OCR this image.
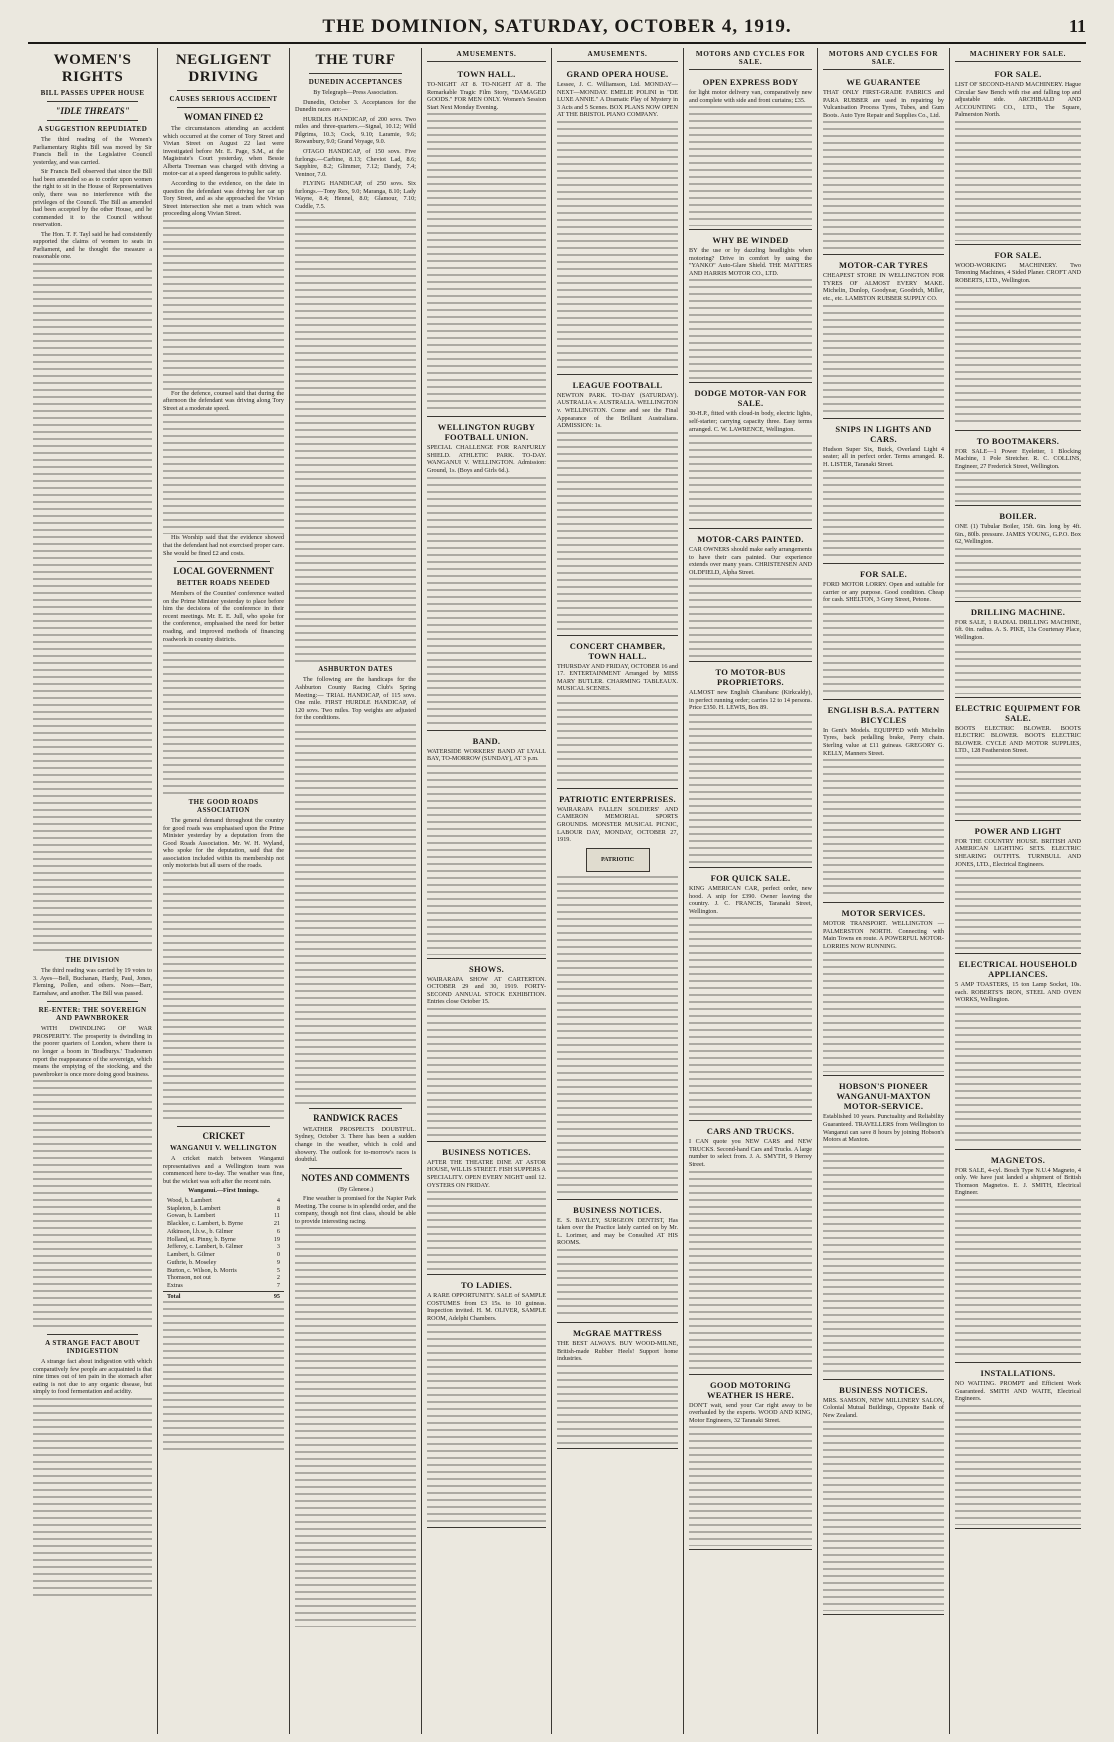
THE DOMINION, SATURDAY, OCTOBER 4, 1919.	11
WOMEN'S RIGHTS
BILL PASSES UPPER HOUSE
"IDLE THREATS"
A SUGGESTION REPUDIATED

The third reading of the Women's Parliamentary Rights Bill was moved by Sir Francis Bell in the Legislative Council yesterday, and was carried.

Sir Francis Bell observed that since the Bill had been amended so as to confer upon women the right to sit in the House of Representatives only, there was no interference with the privileges of the Council. The Bill as amended had been accepted by the other House, and he commended it to the Council without reservation.

The Hon. T. F. Tayl said he had consistently supported the claims of women to seats in Parliament, and he thought the measure a reasonable one.

THE DIVISION

The third reading was carried by 19 votes to 3. Ayes—Bell, Buchanan, Hardy, Paul, Jones, Fleming, Pollen, and others. Noes—Barr, Earnshaw, and another. The Bill was passed.

RE-ENTER: THE SOVEREIGN AND PAWNBROKER

WITH DWINDLING OF WAR PROSPERITY. The prosperity is dwindling in the poorer quarters of London, where there is no longer a boom in 'Bradburys.' Tradesmen report the reappearance of the sovereign, which means the emptying of the stocking, and the pawnbroker is once more doing good business.

A STRANGE FACT ABOUT INDIGESTION

A strange fact about indigestion with which comparatively few people are acquainted is that nine times out of ten pain in the stomach after eating is not due to any organic disease, but simply to food fermentation and acidity.

NEGLIGENT DRIVING
CAUSES SERIOUS ACCIDENT
WOMAN FINED £2

The circumstances attending an accident which occurred at the corner of Tory Street and Vivian Street on August 22 last were investigated before Mr. E. Page, S.M., at the Magistrate's Court yesterday, when Bessie Alberta Treeman was charged with driving a motor-car at a speed dangerous to public safety.

According to the evidence, on the date in question the defendant was driving her car up Tory Street, and as she approached the Vivian Street intersection she met a tram which was proceeding along Vivian Street.

For the defence, counsel said that during the afternoon the defendant was driving along Tory Street at a moderate speed.

His Worship said that the evidence showed that the defendant had not exercised proper care. She would be fined £2 and costs.

LOCAL GOVERNMENT
BETTER ROADS NEEDED

Members of the Counties' conference waited on the Prime Minister yesterday to place before him the decisions of the conference in their recent meetings. Mr. E. E. Jull, who spoke for the conference, emphasised the need for better roading, and improved methods of financing roadwork in country districts.

THE GOOD ROADS ASSOCIATION

The general demand throughout the country for good roads was emphasised upon the Prime Minister yesterday by a deputation from the Good Roads Association. Mr. W. H. Wyland, who spoke for the deputation, said that the association included within its membership not only motorists but all users of the roads.

CRICKET
WANGANUI V. WELLINGTON

A cricket match between Wanganui representatives and a Wellington team was commenced here to-day. The weather was fine, but the wicket was soft after the recent rain.

Wanganui.—First Innings.

Wood, b. Lambert	4
Stapleton, b. Lambert	8
Gowan, b. Lambert	11
Blacklee, c. Lambert, b. Byrne	21
Atkinson, l.b.w., b. Gilmer	6
Holland, st. Pinny, b. Byrne	19
Jefferey, c. Lambert, b. Gilmer	3
Lambert, b. Gilmer	0
Guthrie, b. Moseley	9
Burton, c. Wilson, b. Morris	5
Thomson, not out	2
Extras	7
Total	95
THE TURF
DUNEDIN ACCEPTANCES

By Telegraph—Press Association.

Dunedin, October 3. Acceptances for the Dunedin races are:—

HURDLES HANDICAP, of 200 sovs. Two miles and three-quarters.—Signal, 10.12; Wild Pilgrims, 10.3; Cock, 9.10; Laramie, 9.6; Rowanbury, 9.0; Grand Voyage, 9.0.

OTAGO HANDICAP, of 150 sovs. Five furlongs.—Carbine, 8.13; Cheviot Lad, 8.6; Sapphire, 8.2; Glimmer, 7.12; Dandy, 7.4; Ventnor, 7.0.

FLYING HANDICAP, of 250 sovs. Six furlongs.—Tony Rex, 9.0; Maranga, 8.10; Lady Wayne, 8.4; Hennel, 8.0; Glamour, 7.10; Cuddle, 7.5.

ASHBURTON DATES

The following are the handicaps for the Ashburton County Racing Club's Spring Meeting:— TRIAL HANDICAP, of 115 sovs. One mile. FIRST HURDLE HANDICAP, of 120 sovs. Two miles. Top weights are adjusted for the conditions.

RANDWICK RACES

WEATHER PROSPECTS DOUBTFUL. Sydney, October 3. There has been a sudden change in the weather, which is cold and showery. The outlook for to-morrow's races is doubtful.

NOTES AND COMMENTS

(By Gleneoe.)

Fine weather is promised for the Napier Park Meeting. The course is in splendid order, and the company, though not first class, should be able to provide interesting racing.

AMUSEMENTS.
TOWN HALL.

TO-NIGHT AT 8. TO-NIGHT AT 8. The Remarkable Tragic Film Story, "DAMAGED GOODS." FOR MEN ONLY. Women's Session Start Next Monday Evening.

WELLINGTON RUGBY FOOTBALL UNION.

SPECIAL CHALLENGE FOR RANFURLY SHIELD. ATHLETIC PARK. TO-DAY. WANGANUI V. WELLINGTON. Admission: Ground, 1s. (Boys and Girls 6d.).

BAND.

WATERSIDE WORKERS' BAND AT LYALL BAY, TO-MORROW (SUNDAY), AT 3 p.m.

SHOWS.

WAIRARAPA SHOW AT CARTERTON. OCTOBER 29 and 30, 1919. FORTY-SECOND ANNUAL STOCK EXHIBITION. Entries close October 15.

BUSINESS NOTICES.

AFTER THE THEATRE DINE AT ASTOR HOUSE, WILLIS STREET. FISH SUPPERS A SPECIALITY. OPEN EVERY NIGHT until 12. OYSTERS ON FRIDAY.

TO LADIES.

A RARE OPPORTUNITY. SALE of SAMPLE COSTUMES from £3 15s. to 10 guineas. Inspection invited. H. M. OLIVER, SAMPLE ROOM, Adelphi Chambers.

AMUSEMENTS.
GRAND OPERA HOUSE.

Lessee, J. C. Williamson, Ltd. MONDAY—NEXT—MONDAY. EMELIE POLINI in "DE LUXE ANNIE." A Dramatic Play of Mystery in 3 Acts and 5 Scenes. BOX PLANS NOW OPEN AT THE BRISTOL PIANO COMPANY.

LEAGUE FOOTBALL

NEWTON PARK. TO-DAY (SATURDAY). AUSTRALIA v. AUSTRALIA. WELLINGTON v. WELLINGTON. Come and see the Final Appearance of the Brilliant Australians. ADMISSION: 1s.

CONCERT CHAMBER, TOWN HALL.

THURSDAY AND FRIDAY, OCTOBER 16 and 17. ENTERTAINMENT Arranged by MISS MARY BUTLER. CHARMING TABLEAUX. MUSICAL SCENES.

PATRIOTIC ENTERPRISES.

WAIRARAPA FALLEN SOLDIERS' AND CAMERON MEMORIAL SPORTS GROUNDS. MONSTER MUSICAL PICNIC, LABOUR DAY, MONDAY, OCTOBER 27, 1919.

PATRIOTIC
BUSINESS NOTICES.

E. S. BAYLEY, SURGEON DENTIST, Has taken over the Practice lately carried on by Mr. L. Lorimer, and may be Consulted AT HIS ROOMS.

McGRAE MATTRESS

THE BEST ALWAYS. BUY WOOD-MILNE, British-made Rubber Heels! Support home industries.

MOTORS AND CYCLES FOR SALE.
OPEN EXPRESS BODY

for light motor delivery van, comparatively new and complete with side and front curtains; £35.

WHY BE WINDED

BY the use or by dazzling headlights when motoring? Drive in comfort by using the "YANKO" Auto-Glare Shield. THE MATTERS AND HARRIS MOTOR CO., LTD.

DODGE MOTOR-VAN FOR SALE.

30-H.P., fitted with cloud-in body, electric lights, self-starter; carrying capacity three. Easy terms arranged. C. W. LAWRENCE, Wellington.

MOTOR-CARS PAINTED.

CAR OWNERS should make early arrangements to have their cars painted. Our experience extends over many years. CHRISTENSEN AND OLDFIELD, Alpha Street.

TO MOTOR-BUS PROPRIETORS.

ALMOST new English Charabanc (Kirkcaldy), in perfect running order; carries 12 to 14 persons. Price £350. H. LEWIS, Box 89.

FOR QUICK SALE.

KING AMERICAN CAR, perfect order, new hood. A snip for £390. Owner leaving the country. J. C. FRANCIS, Taranaki Street, Wellington.

CARS AND TRUCKS.

I CAN quote you NEW CARS and NEW TRUCKS. Second-hand Cars and Trucks. A large number to select from. J. A. SMYTH, 9 Herrey Street.

GOOD MOTORING WEATHER IS HERE.

DON'T wait, send your Car right away to be overhauled by the experts. WOOD AND KING, Motor Engineers, 32 Taranaki Street.

MOTORS AND CYCLES FOR SALE.
WE GUARANTEE

THAT ONLY FIRST-GRADE FABRICS and PARA RUBBER are used in repairing by Vulcanisation Process Tyres, Tubes, and Gum Boots. Auto Tyre Repair and Supplies Co., Ltd.

MOTOR-CAR TYRES

CHEAPEST STORE IN WELLINGTON FOR TYRES OF ALMOST EVERY MAKE. Michelin, Dunlop, Goodyear, Goodrich, Miller, etc., etc. LAMBTON RUBBER SUPPLY CO.

SNIPS IN LIGHTS AND CARS.

Hudson Super Six, Buick, Overland Light 4 seater; all in perfect order. Terms arranged. R. H. LISTER, Taranaki Street.

FOR SALE.

FORD MOTOR LORRY. Open and suitable for carrier or any purpose. Good condition. Cheap for cash. SHELTON, 3 Grey Street, Petone.

ENGLISH B.S.A. PATTERN BICYCLES

In Gent's Models. EQUIPPED with Michelin Tyres, back pedalling brake, Perry chain. Sterling value at £11 guineas. GREGORY G. KELLY, Manners Street.

MOTOR SERVICES.

MOTOR TRANSPORT. WELLINGTON — PALMERSTON NORTH. Connecting with Main Towns en route. A POWERFUL MOTOR-LORRIES NOW RUNNING.

HOBSON'S PIONEER WANGANUI-MAXTON MOTOR-SERVICE.

Established 10 years. Punctuality and Reliability Guaranteed. TRAVELLERS from Wellington to Wanganui can save 8 hours by joining Hobson's Motors at Maxton.

BUSINESS NOTICES.

MRS. SAMSON, NEW MILLINERY SALON, Colonial Mutual Buildings, Opposite Bank of New Zealand.

MACHINERY FOR SALE.
FOR SALE.

LIST OF SECOND-HAND MACHINERY. Hague Circular Saw Bench with rise and falling top and adjustable side. ARCHIBALD AND ACCOUNTING CO., LTD., The Square, Palmerston North.

FOR SALE.

WOOD-WORKING MACHINERY. Two Tenoning Machines, 4 Sided Planer. CROFT AND ROBERTS, LTD., Wellington.

TO BOOTMAKERS.

FOR SALE—1 Power Eyeletter, 1 Blocking Machine, 1 Pole Stretcher. R. C. COLLINS, Engineer, 27 Frederick Street, Wellington.

BOILER.

ONE (1) Tubular Boiler, 15ft. 6in. long by 4ft. 6in., 80lb. pressure. JAMES YOUNG, G.P.O. Box 62, Wellington.

DRILLING MACHINE.

FOR SALE, 1 RADIAL DRILLING MACHINE, 6ft. 0in. radius. A. S. PIKE, 13a Courtenay Place, Wellington.

ELECTRIC EQUIPMENT FOR SALE.

BOOTS ELECTRIC BLOWER. BOOTS ELECTRIC BLOWER. BOOTS ELECTRIC BLOWER. CYCLE AND MOTOR SUPPLIES, LTD., 128 Featherston Street.

POWER AND LIGHT

FOR THE COUNTRY HOUSE. BRITISH AND AMERICAN LIGHTING SETS. ELECTRIC SHEARING OUTFITS. TURNBULL AND JONES, LTD., Electrical Engineers.

ELECTRICAL HOUSEHOLD APPLIANCES.

5 AMP TOASTERS, 15 ton Lamp Socket, 10s. each. ROBERTS'S IRON, STEEL AND OVEN WORKS, Wellington.

MAGNETOS.

FOR SALE, 4-cyl. Bosch Type N.U.4 Magneto, 4 only. We have just landed a shipment of British Thomson Magnetos. E. J. SMITH, Electrical Engineer.

INSTALLATIONS.

NO WAITING. PROMPT and Efficient Work Guaranteed. SMITH AND WAITE, Electrical Engineers.
